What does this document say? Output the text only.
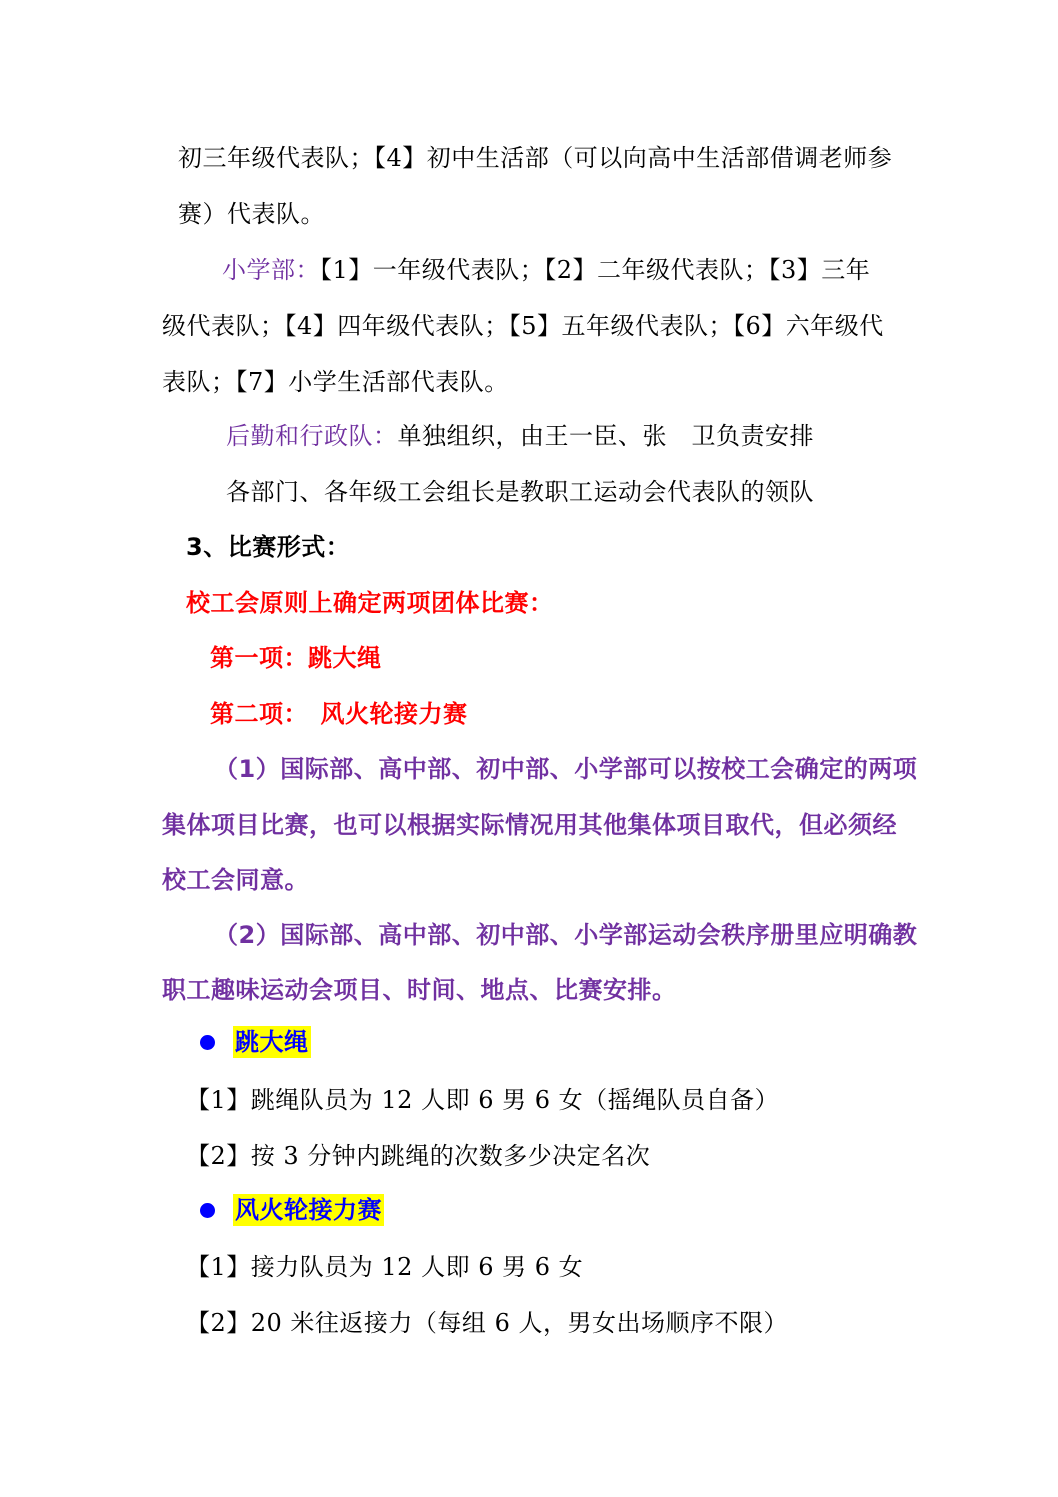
初三年级代表队；【4】初中生活部（可以向高中生活部借调老师参
赛）代表队。
小学部：【1】一年级代表队；【2】二年级代表队；【3】三年
级代表队；【4】四年级代表队；【5】五年级代表队；【6】六年级代
表队；【7】小学生活部代表队。
后勤和行政队：单独组织，由王一臣、张　卫负责安排
各部门、各年级工会组长是教职工运动会代表队的领队
3、比赛形式：
校工会原则上确定两项团体比赛：
第一项：跳大绳
第二项：　风火轮接力赛
（1）国际部、高中部、初中部、小学部可以按校工会确定的两项
集体项目比赛，也可以根据实际情况用其他集体项目取代，但必须经
校工会同意。
（2）国际部、高中部、初中部、小学部运动会秩序册里应明确教
职工趣味运动会项目、时间、地点、比赛安排。
跳大绳
【1】跳绳队员为 12 人即 6 男 6 女（摇绳队员自备）
【2】按 3 分钟内跳绳的次数多少决定名次
风火轮接力赛
【1】接力队员为 12 人即 6 男 6 女
【2】20 米往返接力（每组 6 人，男女出场顺序不限）
